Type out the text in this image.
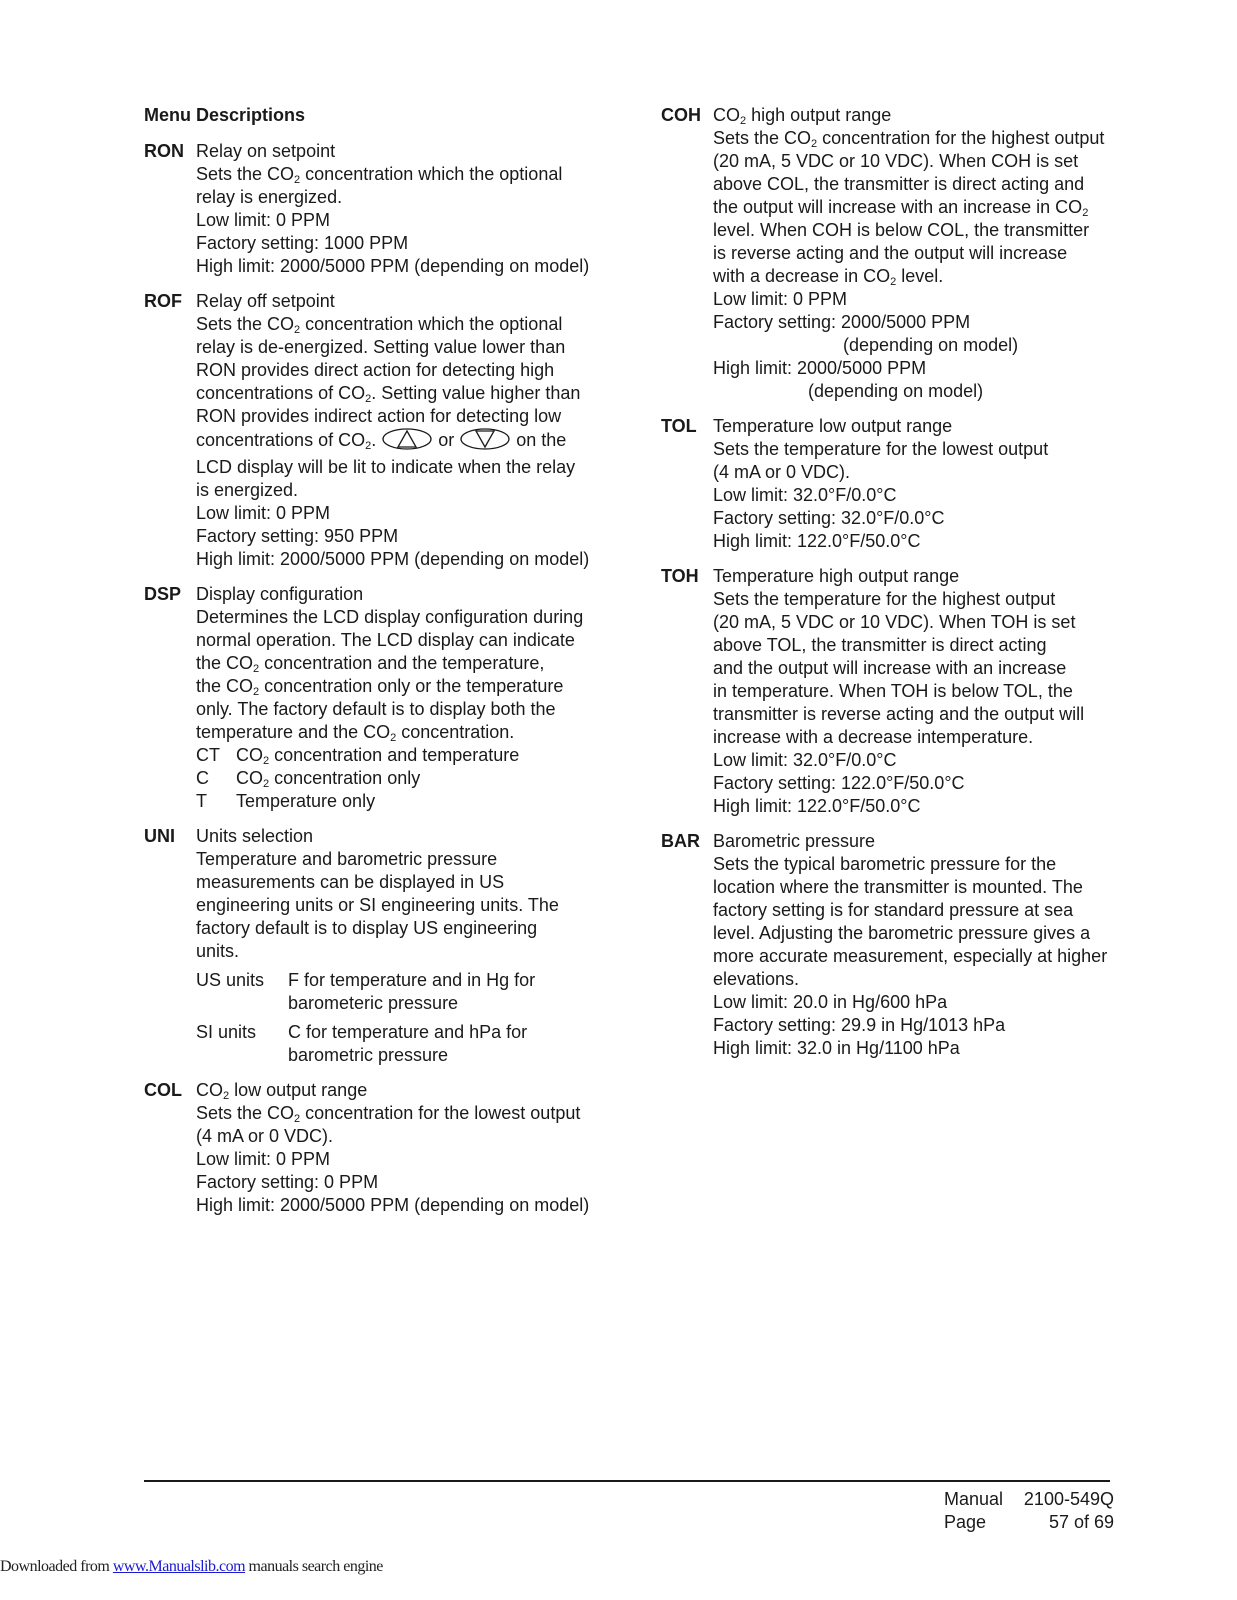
Menu Descriptions
RON Relay on setpoint
Sets the $CO_2$ concentration which the optional
relay is energized.
Low limit: 0 PPM
Factory setting: 1000 PPM
High limit: 2000/5000 PPM (depending on model)
ROF Relay off setpoint
Sets the $CO_2$ concentration which the optional
relay is de-energized. Setting value lower than
RON provides direct action for detecting high
concentrations of $CO_2$. Setting value higher than
RON provides indirect action for detecting low
concentrations of $CO_2$.	or	on the
LCD display will be lit to indicate when the relay
is energized.
Low limit: 0 PPM
Factory setting: 950 PPM
High limit: 2000/5000 PPM (depending on model)
DSP Display configuration
Determines the LCD display configuration during
normal operation. The LCD display can indicate
the $CO_2$ concentration and the temperature,
the $CO_2$ concentration only or the temperature
only. The factory default is to display both the
temperature and the $CO_2$ concentration.
CT $CO_2$ concentration and temperature
C	$CO_2$ concentration only
T	Temperature only
UNI	Units selection
Temperature and barometric pressure
measurements can be displayed in US
engineering units or SI engineering units. The
factory default is to display US engineering
units.
US units	F for temperature and in Hg for
barometeric pressure
SI units	C for temperature and hPa for
barometric pressure
COL $CO_2$ low output range
Sets the $CO_2$ concentration for the lowest output
(4 mA or 0 VDC).
Low limit: 0 PPM
Factory setting: 0 PPM
High limit: 2000/5000 PPM (depending on model)
COH $CO_2$ high output range
Sets the $CO_2$ concentration for the highest output
(20 mA, 5 VDC or 10 VDC). When COH is set
above COL, the transmitter is direct acting and
the output will increase with an increase in $CO_2$
level. When COH is below COL, the transmitter
is reverse acting and the output will increase
with a decrease in $CO_2$ level.
Low limit: 0 PPM
Factory setting: 2000/5000 PPM
(depending on model)
High limit: 2000/5000 PPM
(depending on model)
TOL Temperature low output range
Sets the temperature for the lowest output
(4 mA or 0 VDC).
Low limit: 32.0°F/0.0°C
Factory setting: 32.0°F/0.0°C
High limit: 122.0°F/50.0°C
TOH Temperature high output range
Sets the temperature for the highest output
(20 mA, 5 VDC or 10 VDC). When TOH is set
above TOL, the transmitter is direct acting
and the output will increase with an increase
in temperature. When TOH is below TOL, the
transmitter is reverse acting and the output will
increase with a decrease intemperature.
Low limit: 32.0°F/0.0°C
Factory setting: 122.0°F/50.0°C
High limit: 122.0°F/50.0°C
BAR Barometric pressure
Sets the typical barometric pressure for the
location where the transmitter is mounted. The
factory setting is for standard pressure at sea
level. Adjusting the barometric pressure gives a
more accurate measurement, especially at higher
elevations.
Low limit: 20.0 in Hg/600 hPa
Factory setting: 29.9 in Hg/1013 hPa
High limit: 32.0 in Hg/1100 hPa
Manual 2100-549Q
Page	57 of 69
Downloaded from www.Manualslib.com manuals search engine
